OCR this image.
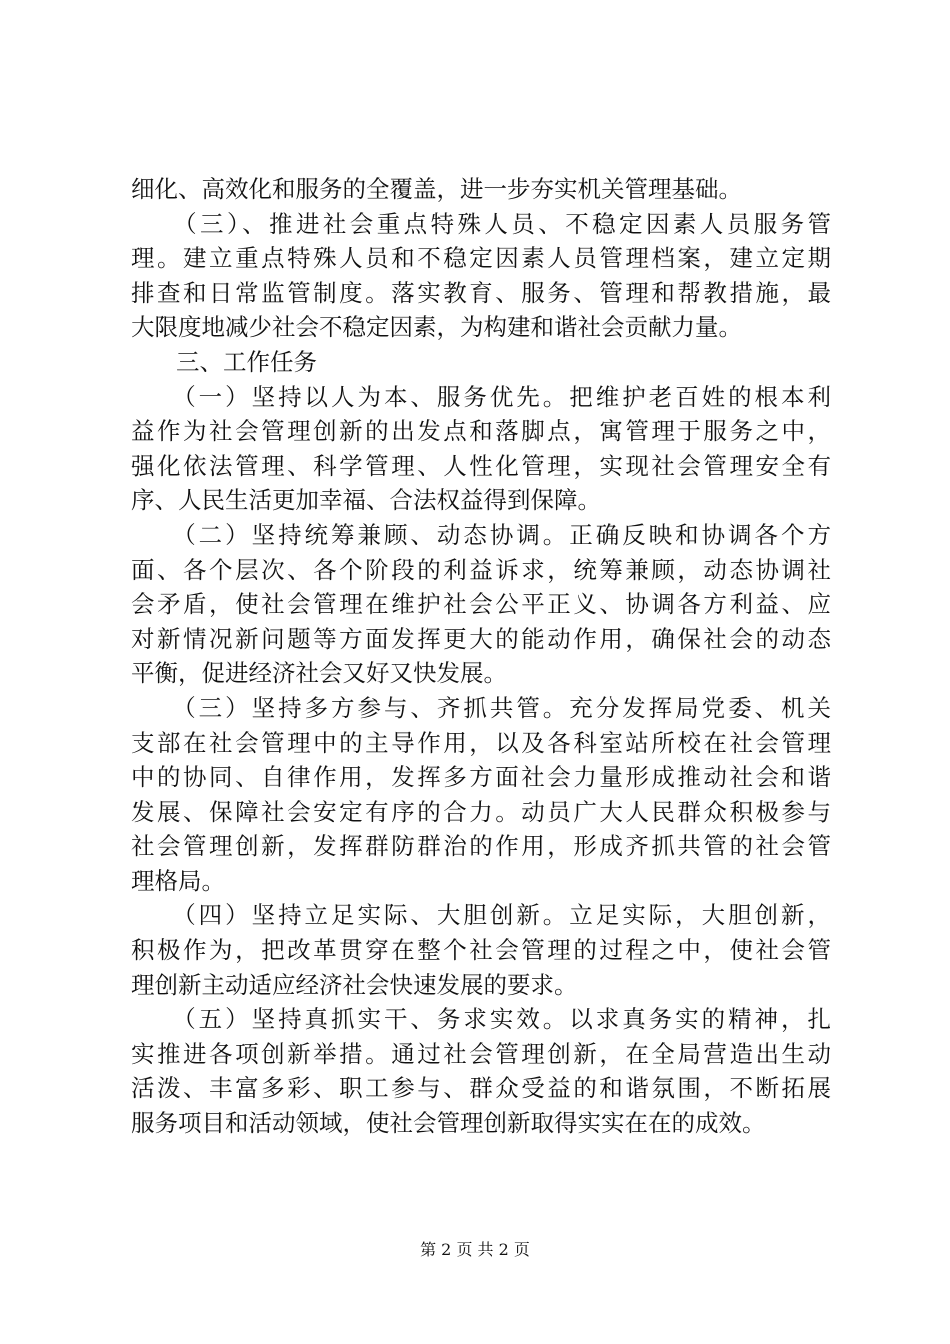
细化、高效化和服务的全覆盖，进一步夯实机关管理基础。
　　（三）、推进社会重点特殊人员、不稳定因素人员服务管
理。建立重点特殊人员和不稳定因素人员管理档案，建立定期
排查和日常监管制度。落实教育、服务、管理和帮教措施，最
大限度地减少社会不稳定因素，为构建和谐社会贡献力量。
三、工作任务
　　（一）坚持以人为本、服务优先。把维护老百姓的根本利
益作为社会管理创新的出发点和落脚点，寓管理于服务之中，
强化依法管理、科学管理、人性化管理，实现社会管理安全有
序、人民生活更加幸福、合法权益得到保障。
　　（二）坚持统筹兼顾、动态协调。正确反映和协调各个方
面、各个层次、各个阶段的利益诉求，统筹兼顾，动态协调社
会矛盾，使社会管理在维护社会公平正义、协调各方利益、应
对新情况新问题等方面发挥更大的能动作用，确保社会的动态
平衡，促进经济社会又好又快发展。
　　（三）坚持多方参与、齐抓共管。充分发挥局党委、机关
支部在社会管理中的主导作用，以及各科室站所校在社会管理
中的协同、自律作用，发挥多方面社会力量形成推动社会和谐
发展、保障社会安定有序的合力。动员广大人民群众积极参与
社会管理创新，发挥群防群治的作用，形成齐抓共管的社会管
理格局。
　　（四）坚持立足实际、大胆创新。立足实际，大胆创新，
积极作为，把改革贯穿在整个社会管理的过程之中，使社会管
理创新主动适应经济社会快速发展的要求。
　　（五）坚持真抓实干、务求实效。以求真务实的精神，扎
实推进各项创新举措。通过社会管理创新，在全局营造出生动
活泼、丰富多彩、职工参与、群众受益的和谐氛围，不断拓展
服务项目和活动领域，使社会管理创新取得实实在在的成效。
第 2 页 共 2 页
